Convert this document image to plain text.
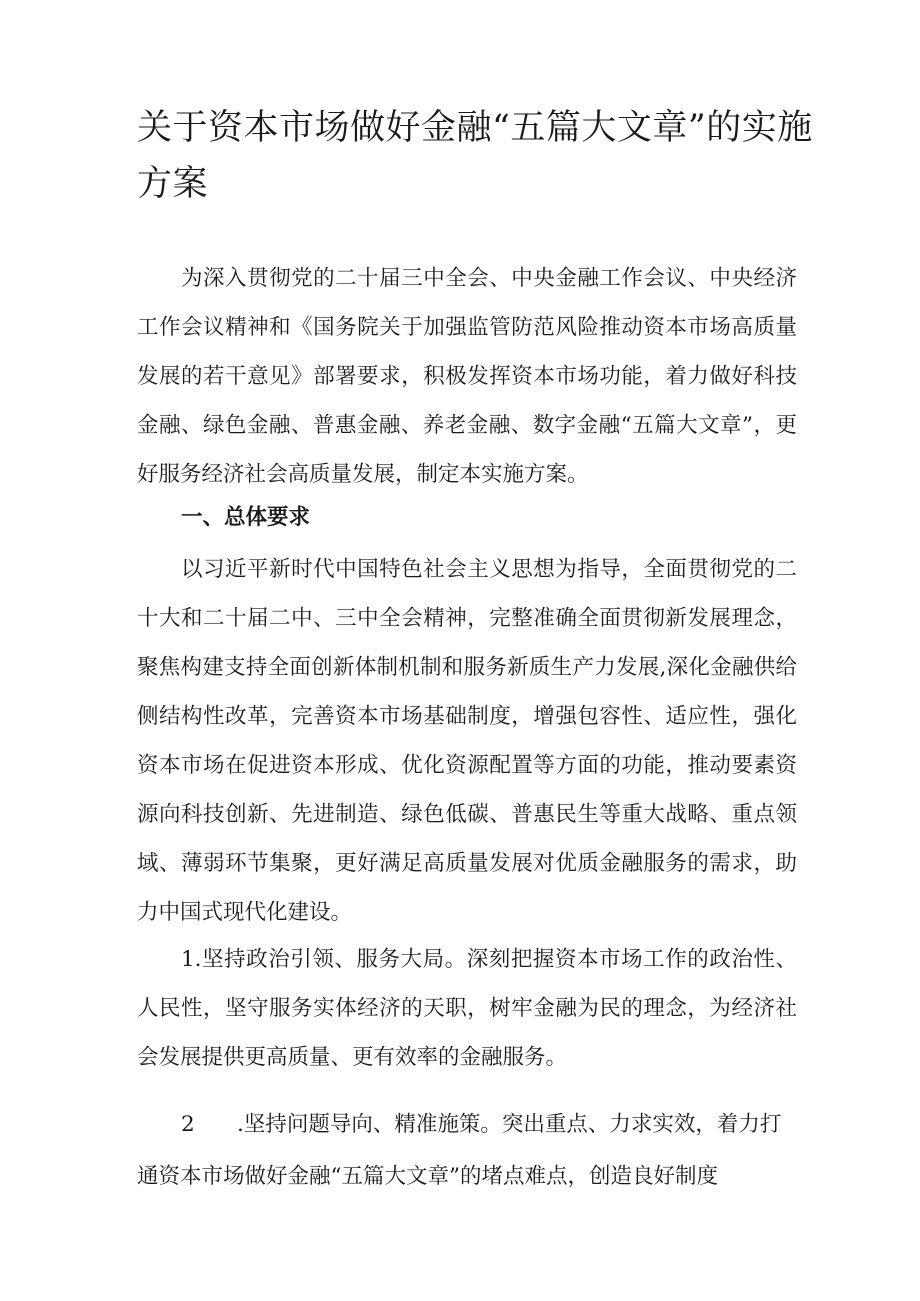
关于资本市场做好金融“五篇大文章”的实施方案

为深入贯彻党的二十届三中全会、中央金融工作会议、中央经济工作会议精神和《国务院关于加强监管防范风险推动资本市场高质量发展的若干意见》部署要求，积极发挥资本市场功能，着力做好科技金融、绿色金融、普惠金融、养老金融、数字金融“五篇大文章”，更好服务经济社会高质量发展，制定本实施方案。

一、总体要求

以习近平新时代中国特色社会主义思想为指导，全面贯彻党的二十大和二十届二中、三中全会精神，完整准确全面贯彻新发展理念，聚焦构建支持全面创新体制机制和服务新质生产力发展,深化金融供给侧结构性改革，完善资本市场基础制度，增强包容性、适应性，强化资本市场在促进资本形成、优化资源配置等方面的功能，推动要素资源向科技创新、先进制造、绿色低碳、普惠民生等重大战略、重点领域、薄弱环节集聚，更好满足高质量发展对优质金融服务的需求，助力中国式现代化建设。

1.坚持政治引领、服务大局。深刻把握资本市场工作的政治性、人民性，坚守服务实体经济的天职，树牢金融为民的理念，为经济社会发展提供更高质量、更有效率的金融服务。

2 .坚持问题导向、精准施策。突出重点、力求实效，着力打

通资本市场做好金融“五篇大文章”的堵点难点，创造良好制度
